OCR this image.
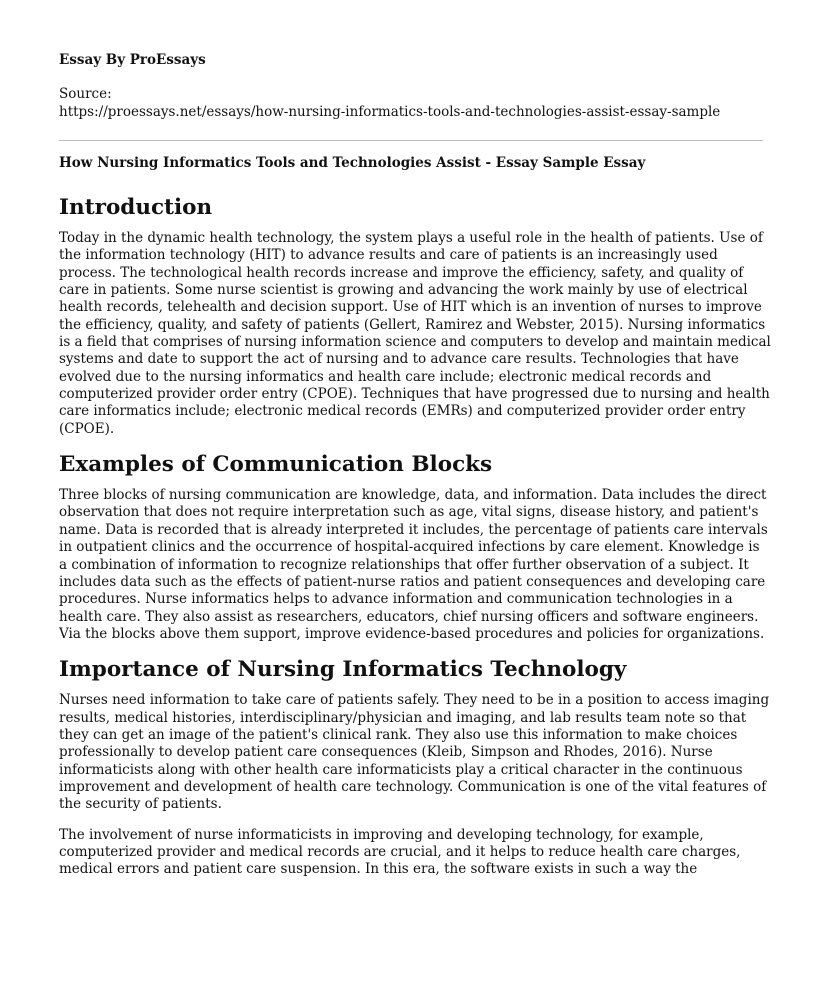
Essay By ProEssays
Source:
https://proessays.net/essays/how-nursing-informatics-tools-and-technologies-assist-essay-sample
How Nursing Informatics Tools and Technologies Assist - Essay Sample Essay
Introduction

Today in the dynamic health technology, the system plays a useful role in the health of patients. Use of the information technology (HIT) to advance results and care of patients is an increasingly used process. The technological health records increase and improve the efficiency, safety, and quality of care in patients. Some nurse scientist is growing and advancing the work mainly by use of electrical health records, telehealth and decision support. Use of HIT which is an invention of nurses to improve the efficiency, quality, and safety of patients (Gellert, Ramirez and Webster, 2015). Nursing informatics is a field that comprises of nursing information science and computers to develop and maintain medical systems and date to support the act of nursing and to advance care results. Technologies that have evolved due to the nursing informatics and health care include; electronic medical records and computerized provider order entry (CPOE). Techniques that have progressed due to nursing and health care informatics include; electronic medical records (EMRs) and computerized provider order entry (CPOE).

Examples of Communication Blocks

Three blocks of nursing communication are knowledge, data, and information. Data includes the direct observation that does not require interpretation such as age, vital signs, disease history, and patient's name. Data is recorded that is already interpreted it includes, the percentage of patients care intervals in outpatient clinics and the occurrence of hospital-acquired infections by care element. Knowledge is a combination of information to recognize relationships that offer further observation of a subject. It includes data such as the effects of patient-nurse ratios and patient consequences and developing care procedures. Nurse informatics helps to advance information and communication technologies in a health care. They also assist as researchers, educators, chief nursing officers and software engineers. Via the blocks above them support, improve evidence-based procedures and policies for organizations.

Importance of Nursing Informatics Technology

Nurses need information to take care of patients safely. They need to be in a position to access imaging results, medical histories, interdisciplinary/physician and imaging, and lab results team note so that they can get an image of the patient's clinical rank. They also use this information to make choices professionally to develop patient care consequences (Kleib, Simpson and Rhodes, 2016). Nurse informaticists along with other health care informaticists play a critical character in the continuous improvement and development of health care technology. Communication is one of the vital features of the security of patients.

The involvement of nurse informaticists in improving and developing technology, for example, computerized provider and medical records are crucial, and it helps to reduce health care charges, medical errors and patient care suspension. In this era, the software exists in such a way the
